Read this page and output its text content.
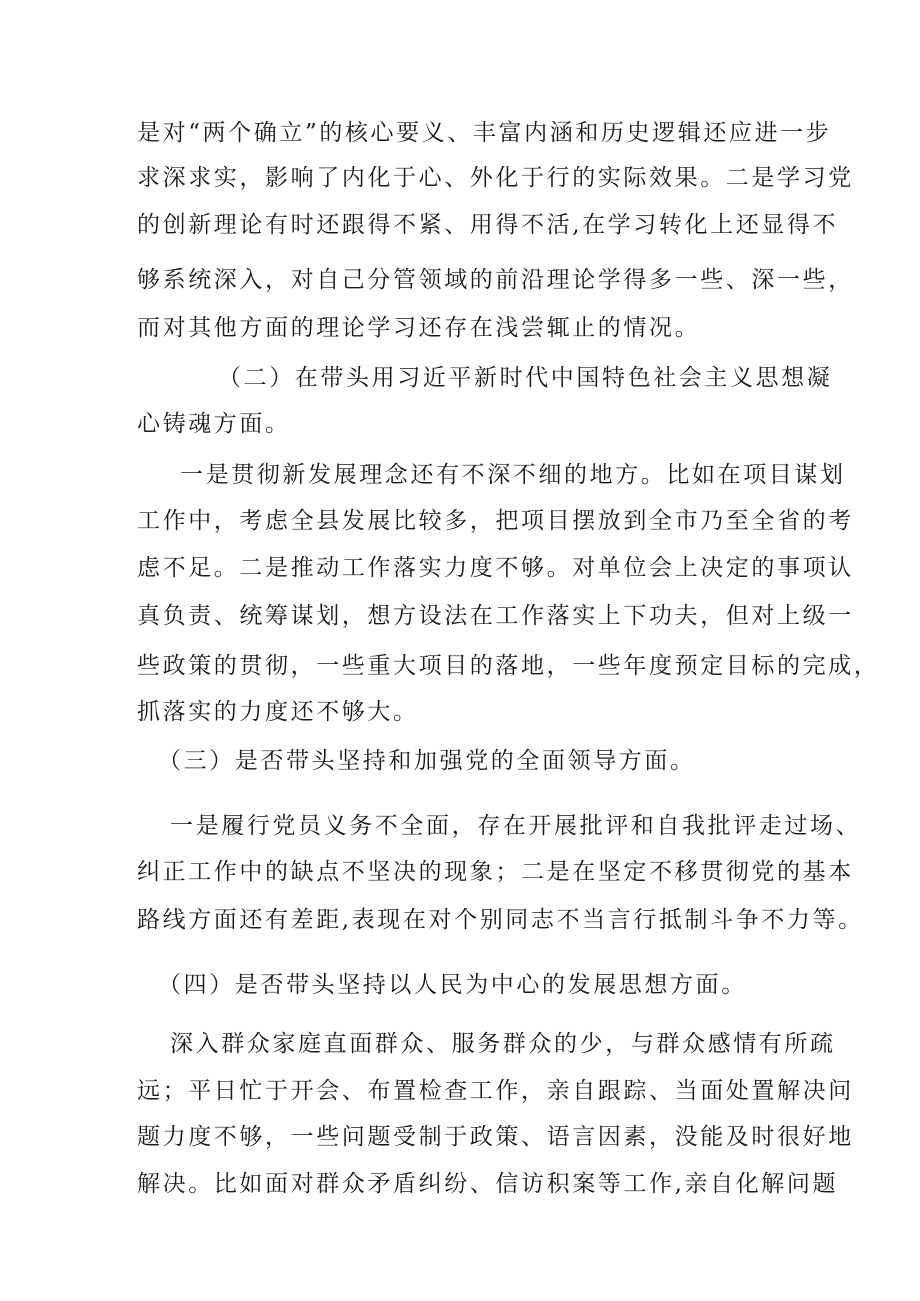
是对“两个确立”的核心要义、丰富内涵和历史逻辑还应进一步
求深求实，影响了内化于心、外化于行的实际效果。二是学习党
的创新理论有时还跟得不紧、用得不活,在学习转化上还显得不
够系统深入，对自己分管领域的前沿理论学得多一些、深一些，
而对其他方面的理论学习还存在浅尝辄止的情况。
（二）在带头用习近平新时代中国特色社会主义思想凝
心铸魂方面。
一是贯彻新发展理念还有不深不细的地方。比如在项目谋划
工作中，考虑全县发展比较多，把项目摆放到全市乃至全省的考
虑不足。二是推动工作落实力度不够。对单位会上决定的事项认
真负责、统筹谋划，想方设法在工作落实上下功夫，但对上级一
些政策的贯彻，一些重大项目的落地，一些年度预定目标的完成，
抓落实的力度还不够大。
（三）是否带头坚持和加强党的全面领导方面。
一是履行党员义务不全面，存在开展批评和自我批评走过场、
纠正工作中的缺点不坚决的现象；二是在坚定不移贯彻党的基本
路线方面还有差距,表现在对个别同志不当言行抵制斗争不力等。
（四）是否带头坚持以人民为中心的发展思想方面。
深入群众家庭直面群众、服务群众的少，与群众感情有所疏
远；平日忙于开会、布置检查工作，亲自跟踪、当面处置解决问
题力度不够，一些问题受制于政策、语言因素，没能及时很好地
解决。比如面对群众矛盾纠纷、信访积案等工作,亲自化解问题
